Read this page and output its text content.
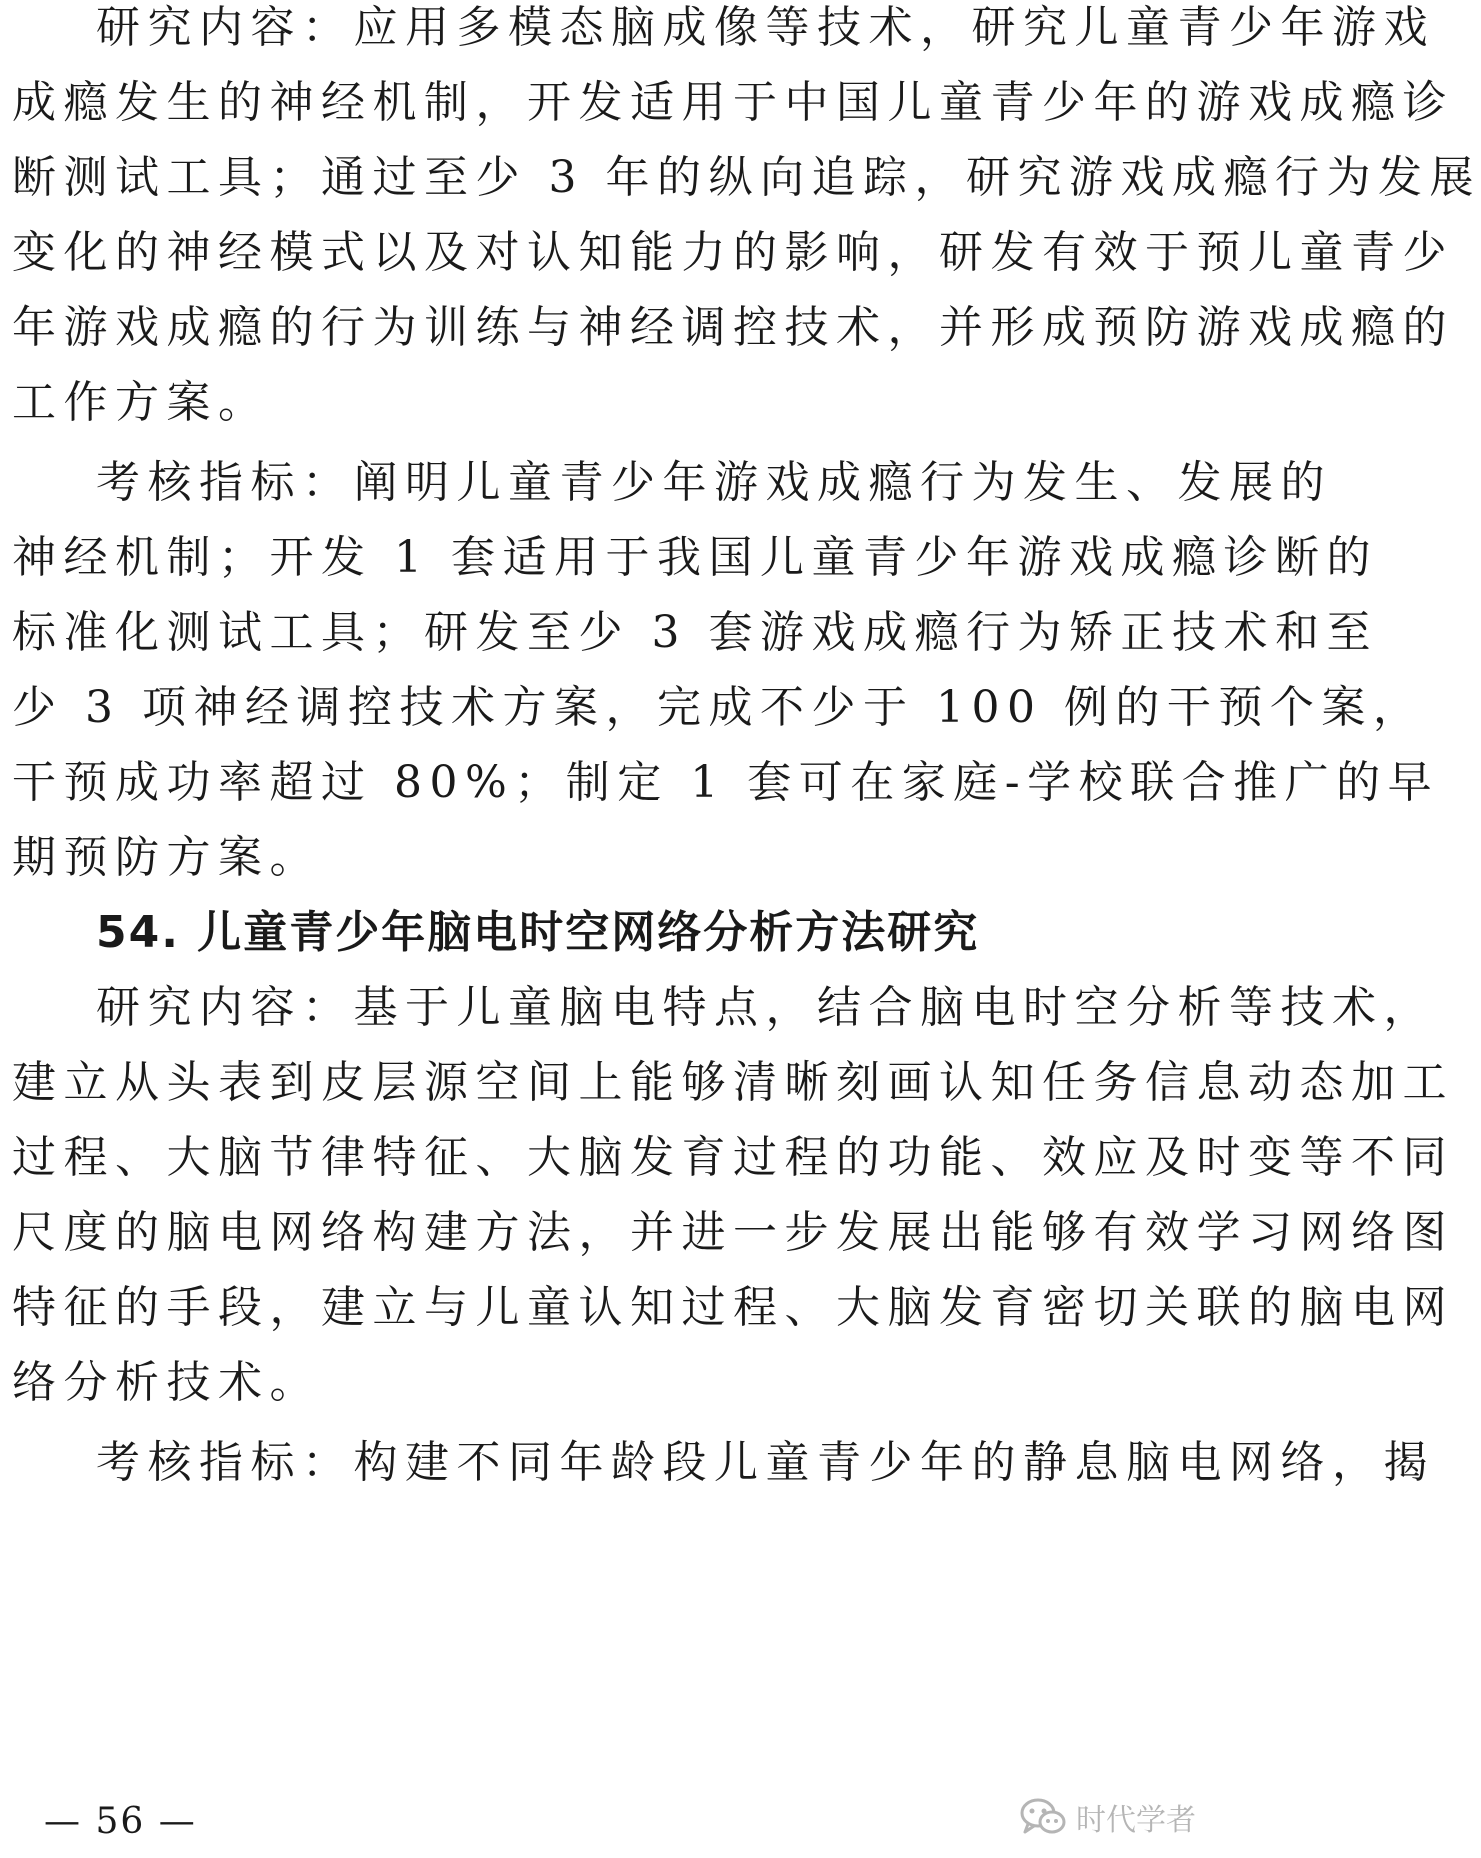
研究内容：应用多模态脑成像等技术，研究儿童青少年游戏
成瘾发生的神经机制，开发适用于中国儿童青少年的游戏成瘾诊
断测试工具；通过至少 3 年的纵向追踪，研究游戏成瘾行为发展
变化的神经模式以及对认知能力的影响，研发有效于预儿童青少
年游戏成瘾的行为训练与神经调控技术，并形成预防游戏成瘾的
工作方案。
考核指标：阐明儿童青少年游戏成瘾行为发生、发展的
神经机制；开发 1 套适用于我国儿童青少年游戏成瘾诊断的
标准化测试工具；研发至少 3 套游戏成瘾行为矫正技术和至
少 3 项神经调控技术方案，完成不少于 100 例的干预个案，
干预成功率超过 80%；制定 1 套可在家庭-学校联合推广的早
期预防方案。
54. 儿童青少年脑电时空网络分析方法研究
研究内容：基于儿童脑电特点，结合脑电时空分析等技术，
建立从头表到皮层源空间上能够清晰刻画认知任务信息动态加工
过程、大脑节律特征、大脑发育过程的功能、效应及时变等不同
尺度的脑电网络构建方法，并进一步发展出能够有效学习网络图
特征的手段，建立与儿童认知过程、大脑发育密切关联的脑电网
络分析技术。
考核指标：构建不同年龄段儿童青少年的静息脑电网络，揭
— 56 —	时代学者
